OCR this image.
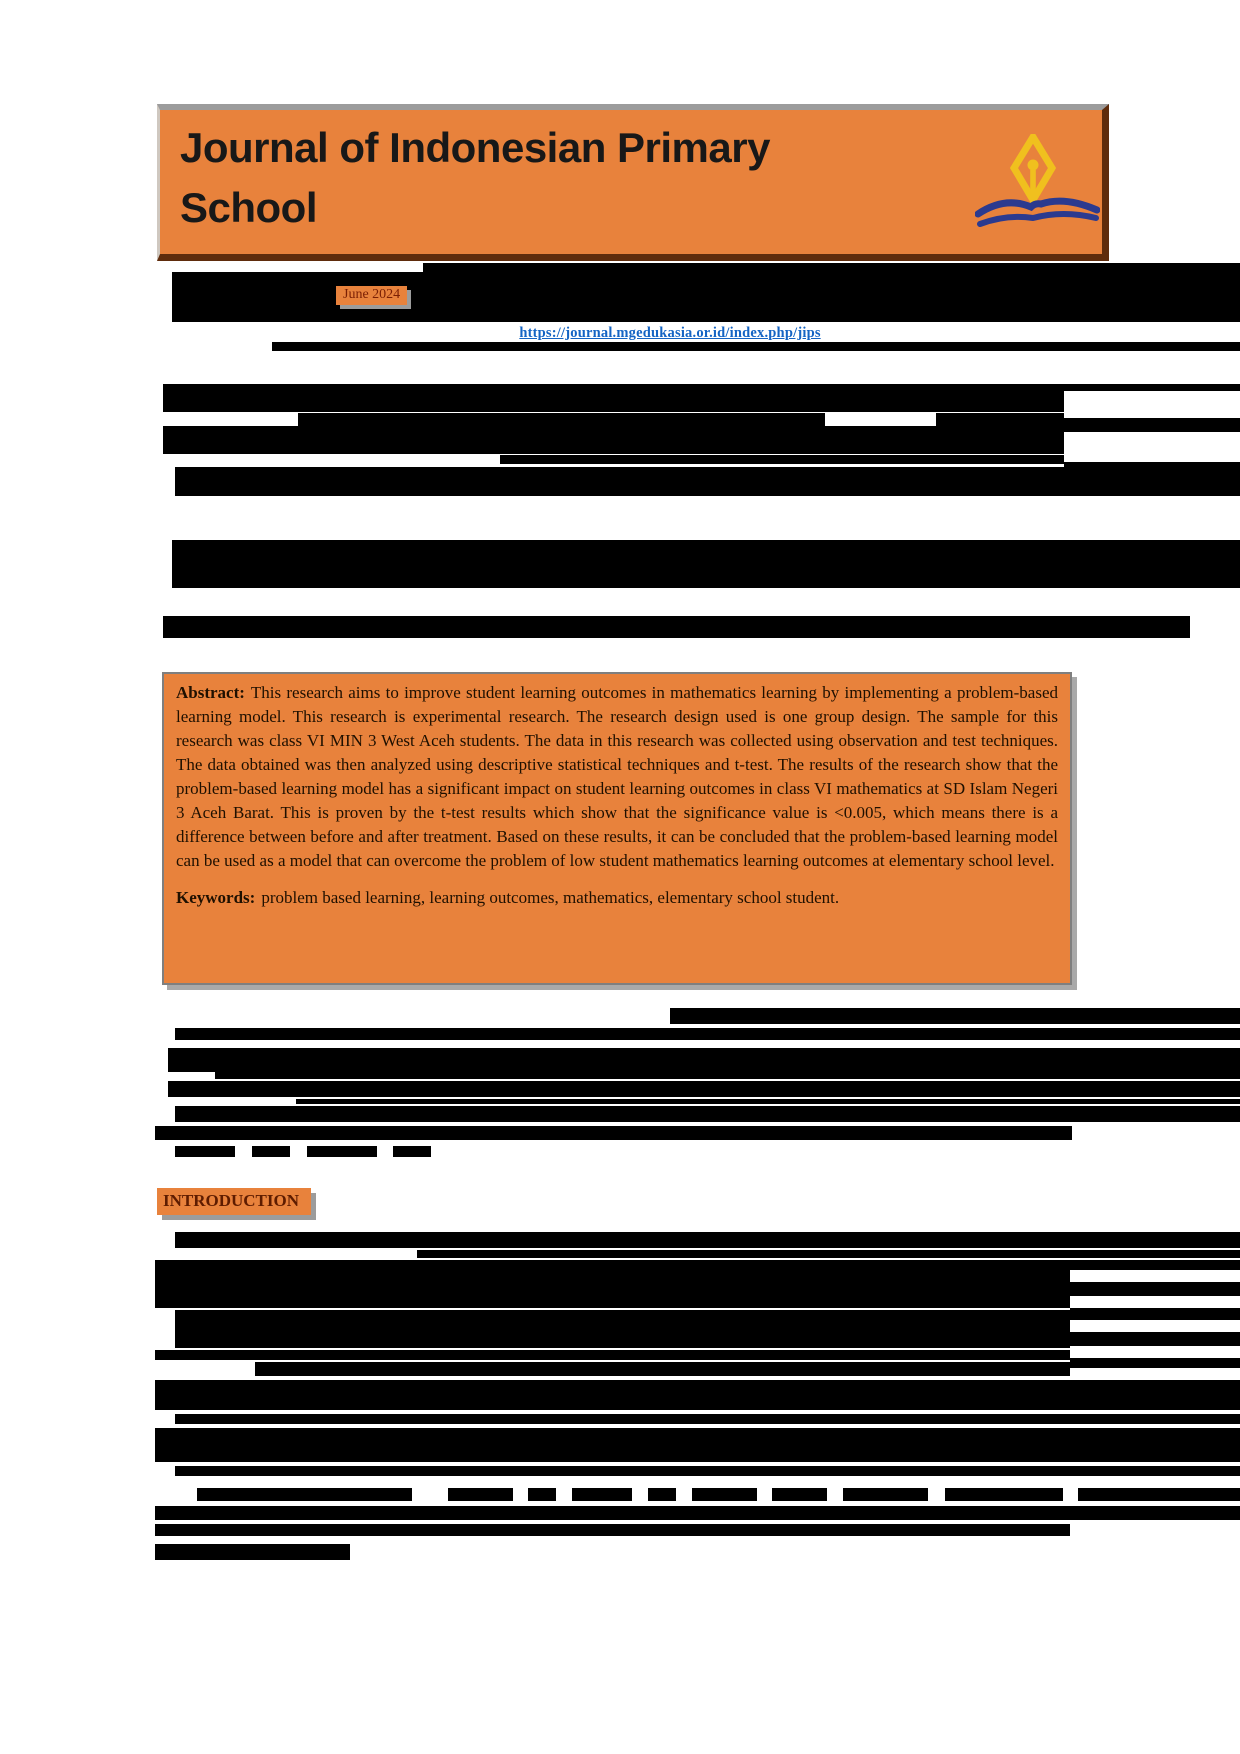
Journal of Indonesian Primary
School
June 2024
https://journal.mgedukasia.or.id/index.php/jips

Abstract: This research aims to improve student learning outcomes in mathematics learning by implementing a problem-based learning model. This research is experimental research. The research design used is one group design. The sample for this research was class VI MIN 3 West Aceh students. The data in this research was collected using observation and test techniques. The data obtained was then analyzed using descriptive statistical techniques and t-test. The results of the research show that the problem-based learning model has a significant impact on student learning outcomes in class VI mathematics at SD Islam Negeri 3 Aceh Barat. This is proven by the t-test results which show that the significance value is <0.005, which means there is a difference between before and after treatment. Based on these results, it can be concluded that the problem-based learning model can be used as a model that can overcome the problem of low student mathematics learning outcomes at elementary school level.

Keywords: problem based learning, learning outcomes, mathematics, elementary school student.

INTRODUCTION
